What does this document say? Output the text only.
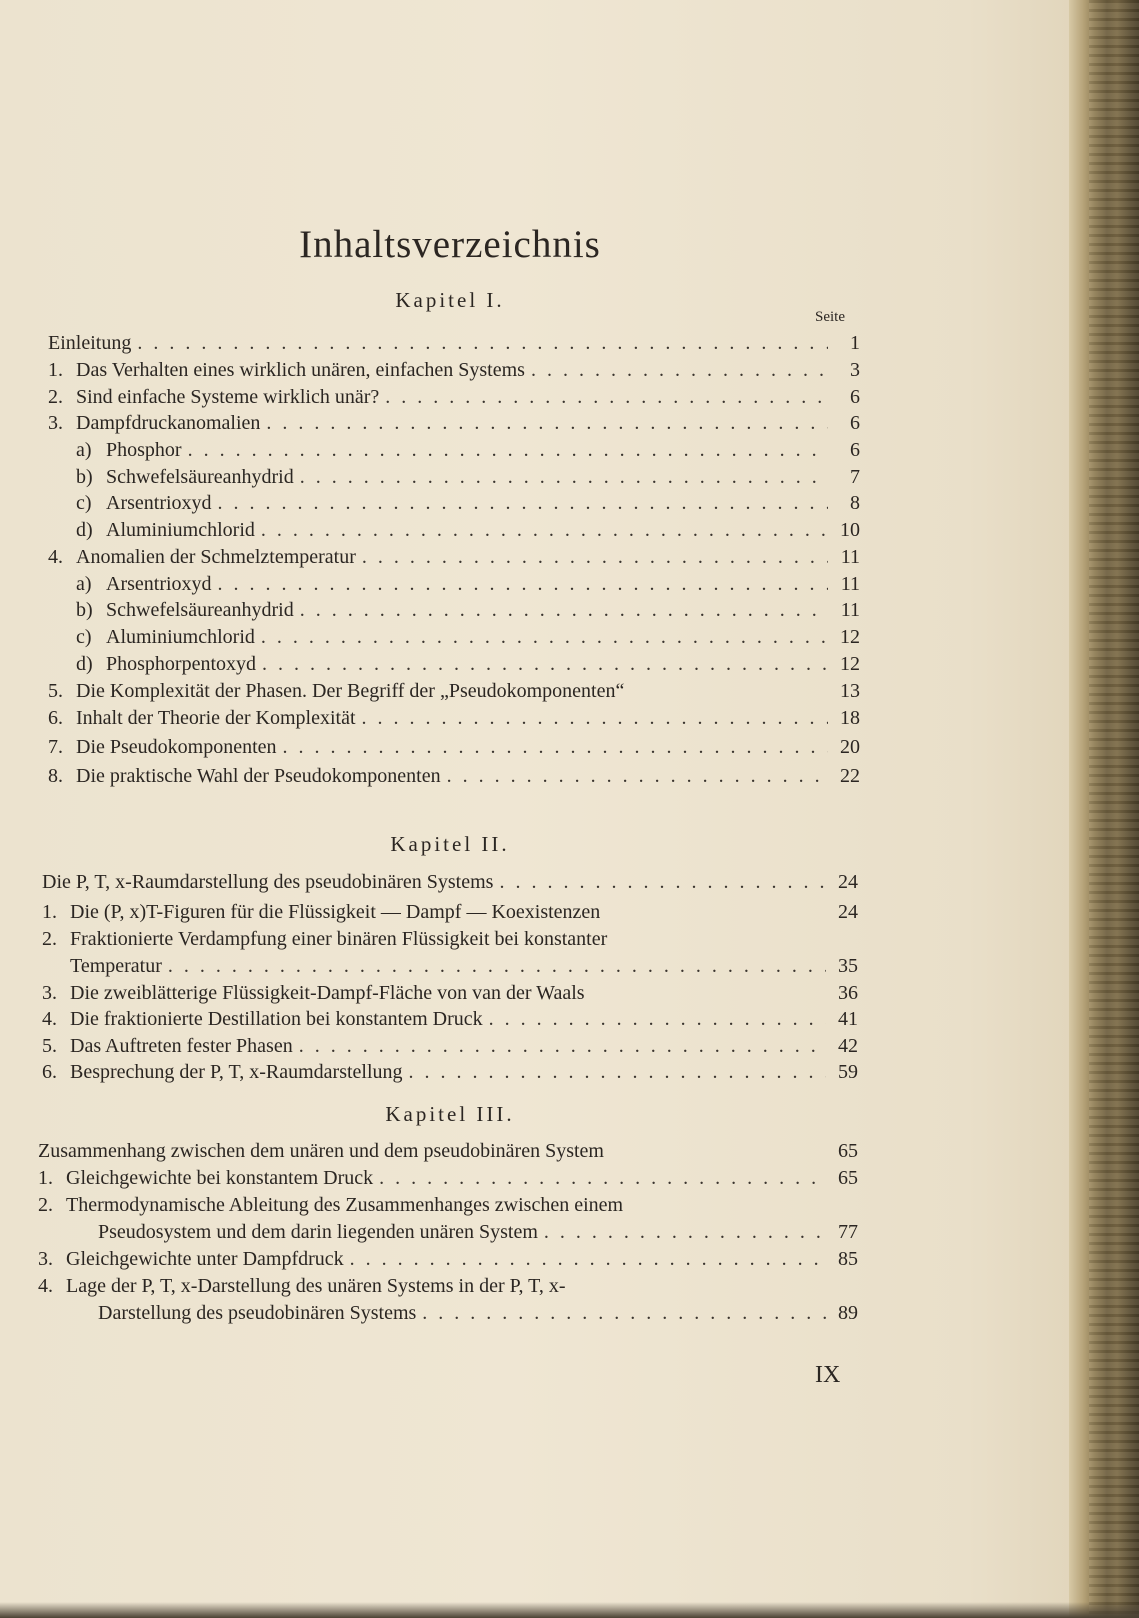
Inhaltsverzeichnis
Kapitel I.
Seite
Einleitung . . .	1
1. Das Verhalten eines wirklich unären, einfachen Systems . . .	3
2. Sind einfache Systeme wirklich unär? . . .	6
3. Dampfdruckanomalien . . .	6
a) Phosphor . . .	6
b) Schwefelsäureanhydrid . . .	7
c) Arsentrioxyd . . .	8
d) Aluminiumchlorid . . .	10
4. Anomalien der Schmelztemperatur . . .	11
a) Arsentrioxyd . . .	11
b) Schwefelsäureanhydrid . . .	11
c) Aluminiumchlorid . . .	12
d) Phosphorpentoxyd . . .	12
5. Die Komplexität der Phasen. Der Begriff der „Pseudokomponenten“	13
6. Inhalt der Theorie der Komplexität . . .	18
7. Die Pseudokomponenten . . .	20
8. Die praktische Wahl der Pseudokomponenten . . .	22
Kapitel II.
Die P, T, x-Raumdarstellung des pseudobinären Systems . . .	24
1. Die (P, x)T-Figuren für die Flüssigkeit — Dampf — Koexistenzen	24
2. Fraktionierte Verdampfung einer binären Flüssigkeit bei konstanter
Temperatur . . .	35
3. Die zweiblätterige Flüssigkeit-Dampf-Fläche von van der Waals	36
4. Die fraktionierte Destillation bei konstantem Druck . . .	41
5. Das Auftreten fester Phasen . . .	42
6. Besprechung der P, T, x-Raumdarstellung . . .	59
Kapitel III.
Zusammenhang zwischen dem unären und dem pseudobinären System	65
1. Gleichgewichte bei konstantem Druck . . .	65
2. Thermodynamische Ableitung des Zusammenhanges zwischen einem
Pseudosystem und dem darin liegenden unären System . . .	77
3. Gleichgewichte unter Dampfdruck . . .	85
4. Lage der P, T, x-Darstellung des unären Systems in der P, T, x-
Darstellung des pseudobinären Systems . . .	89
IX
